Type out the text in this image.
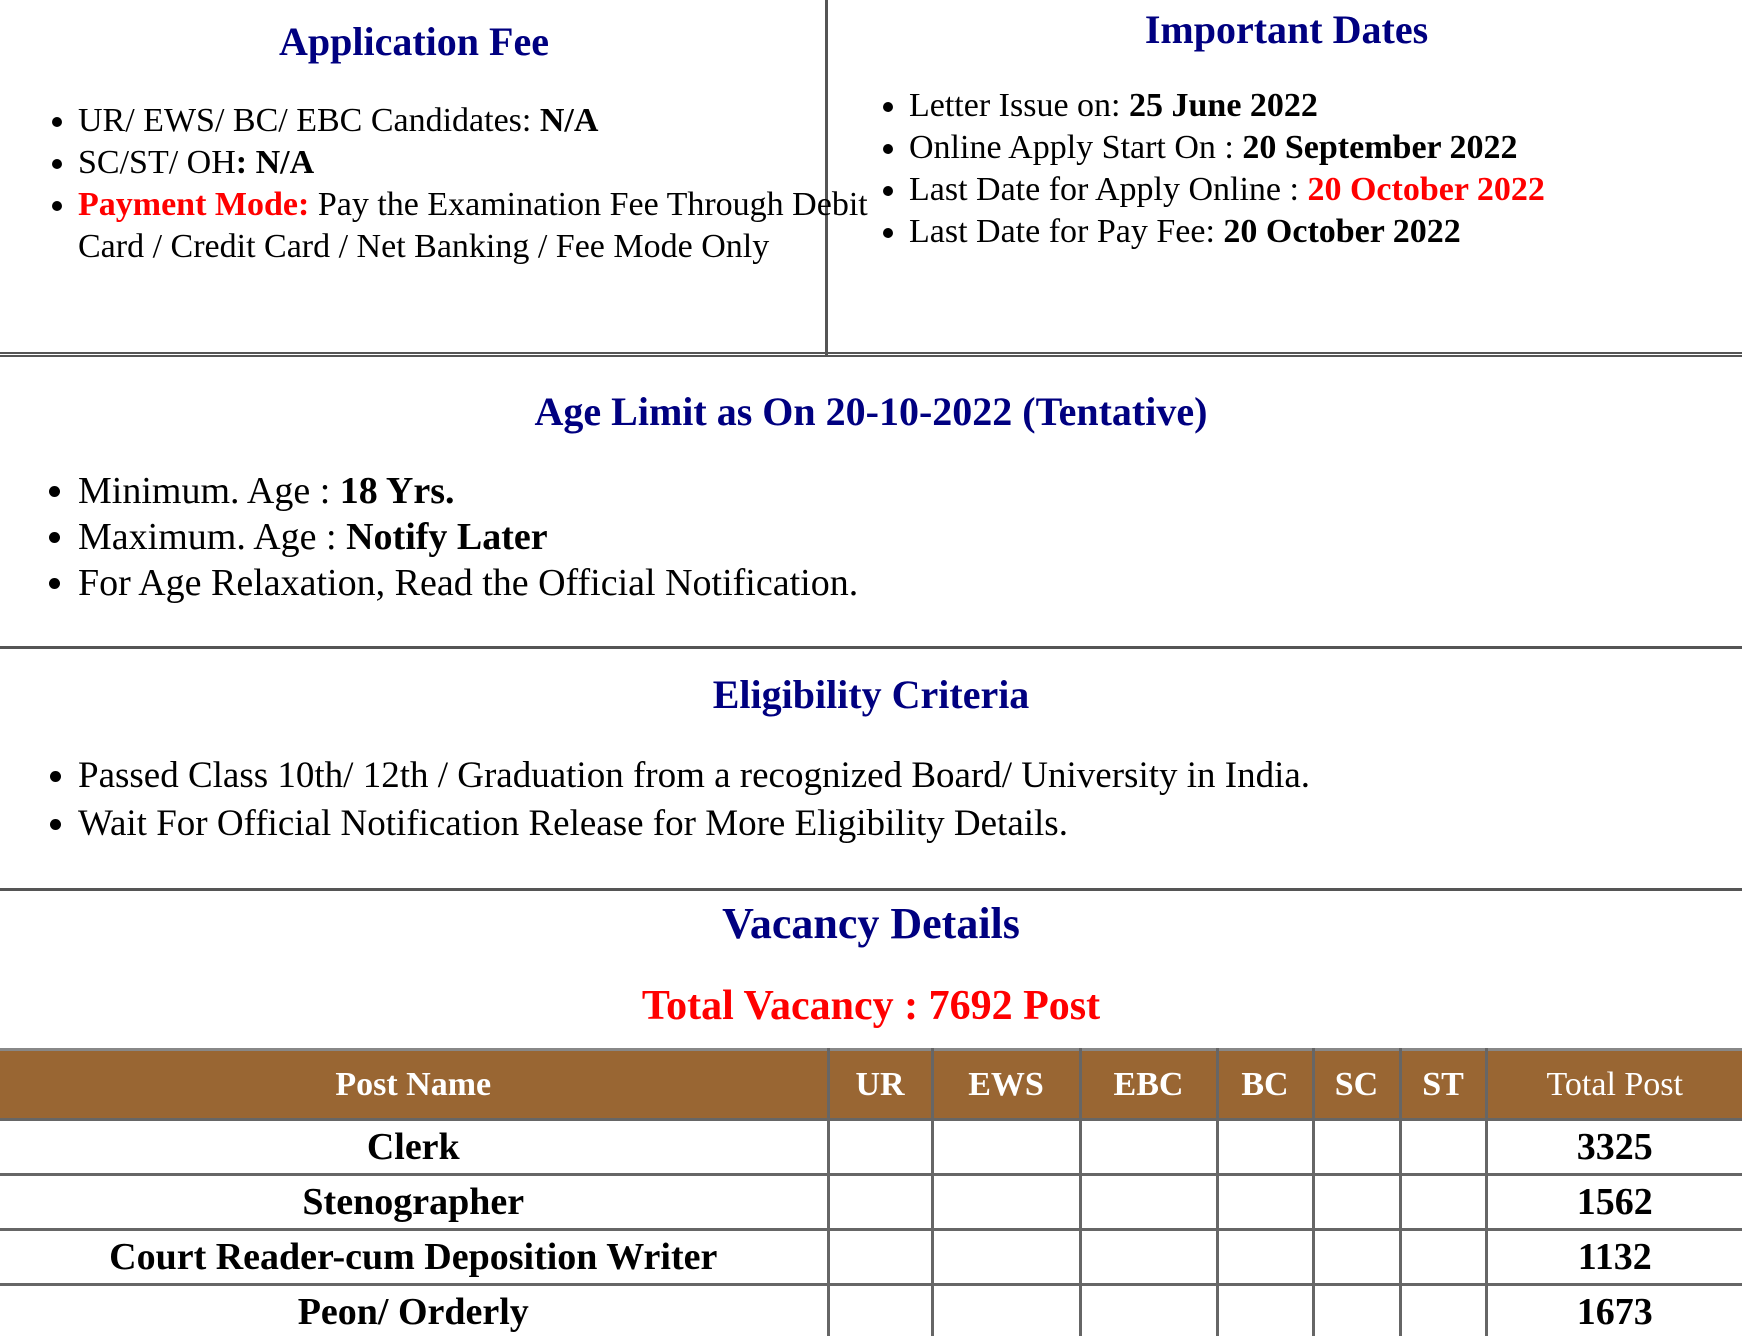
Application Fee
• UR/ EWS/ BC/ EBC Candidates: N/A
• SC/ST/ OH: N/A
• Payment Mode: Pay the Examination Fee Through Debit Card / Credit Card / Net Banking / Fee Mode Only
Important Dates
• Letter Issue on: 25 June 2022
• Online Apply Start On : 20 September 2022
• Last Date for Apply Online : 20 October 2022
• Last Date for Pay Fee: 20 October 2022
Age Limit as On 20-10-2022 (Tentative)
• Minimum. Age : 18 Yrs.
• Maximum. Age : Notify Later
• For Age Relaxation, Read the Official Notification.
Eligibility Criteria
• Passed Class 10th/ 12th / Graduation from a recognized Board/ University in India.
• Wait For Official Notification Release for More Eligibility Details.
Vacancy Details
Total Vacancy : 7692 Post
Post Name	UR	EWS	EBC	BC	SC	ST	Total Post
Clerk							3325
Stenographer							1562
Court Reader-cum Deposition Writer							1132
Peon/ Orderly							1673
